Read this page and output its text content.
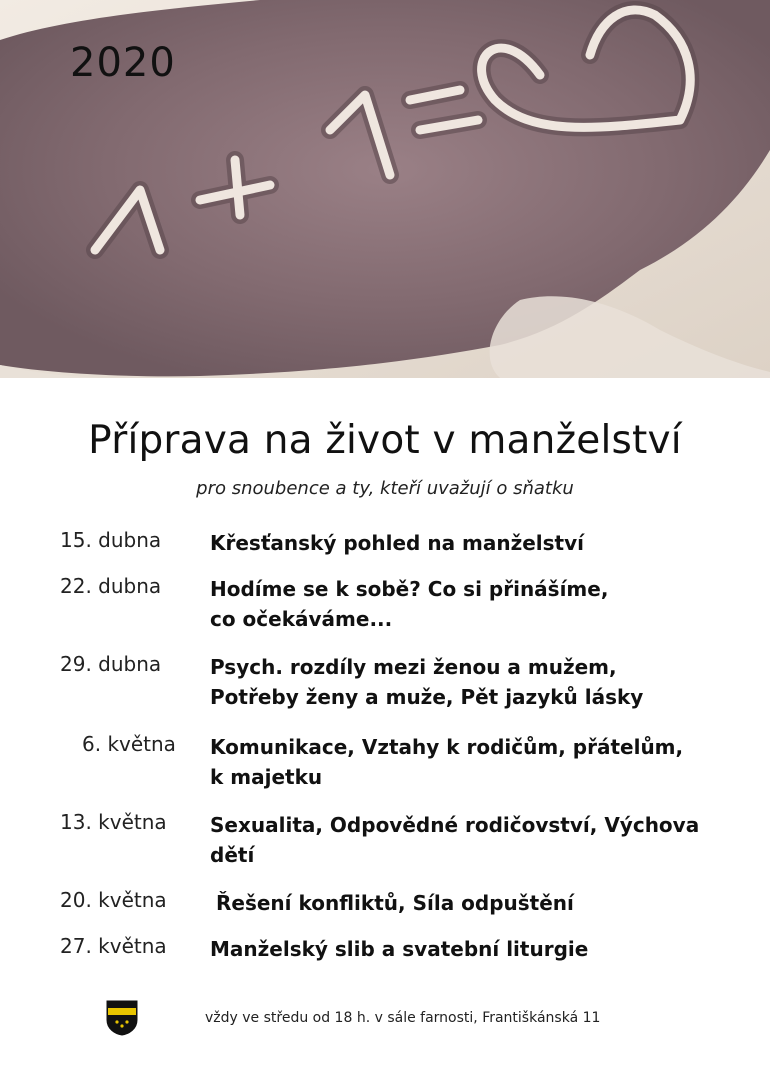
2020
Příprava na život v manželství
pro snoubence a ty, kteří uvažují o sňatku
15. dubna	Křesťanský pohled na manželství
22. dubna	Hodíme se k sobě? Co si přinášíme, co očekáváme...
29. dubna	Psych. rozdíly mezi ženou a mužem, Potřeby ženy a muže, Pět jazyků lásky
6. května	Komunikace, Vztahy k rodičům, přátelům, k majetku
13. května	Sexualita, Odpovědné rodičovství, Výchova dětí
20. května	Řešení konfliktů, Síla odpuštění
27. května	Manželský slib a svatební liturgie
vždy ve středu od 18 h. v sále farnosti, Františkánská 11
